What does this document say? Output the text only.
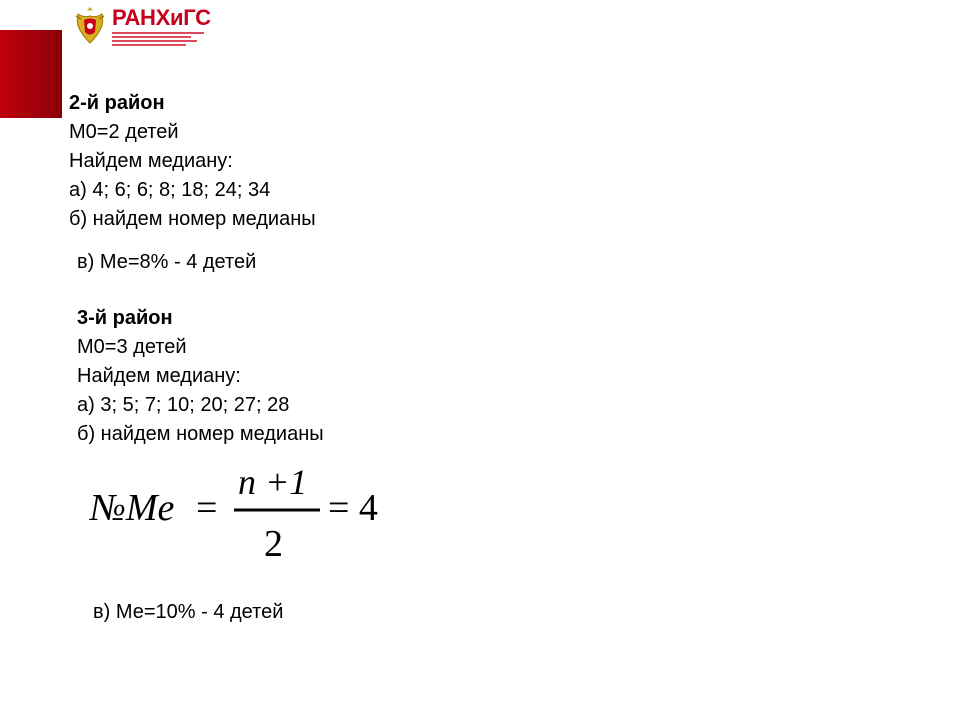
РАНХиГС

2-й район

М0=2 детей

Найдем медиану:

а) 4; 6; 6; 8; 18; 24; 34

б) найдем номер медианы

в) Ме=8% - 4 детей

3-й район

М0=3 детей

Найдем медиану:

а) 3; 5; 7; 10; 20; 27; 28

б) найдем номер медианы

№Me =
n +1
2
= 4

в) Ме=10% - 4 детей
